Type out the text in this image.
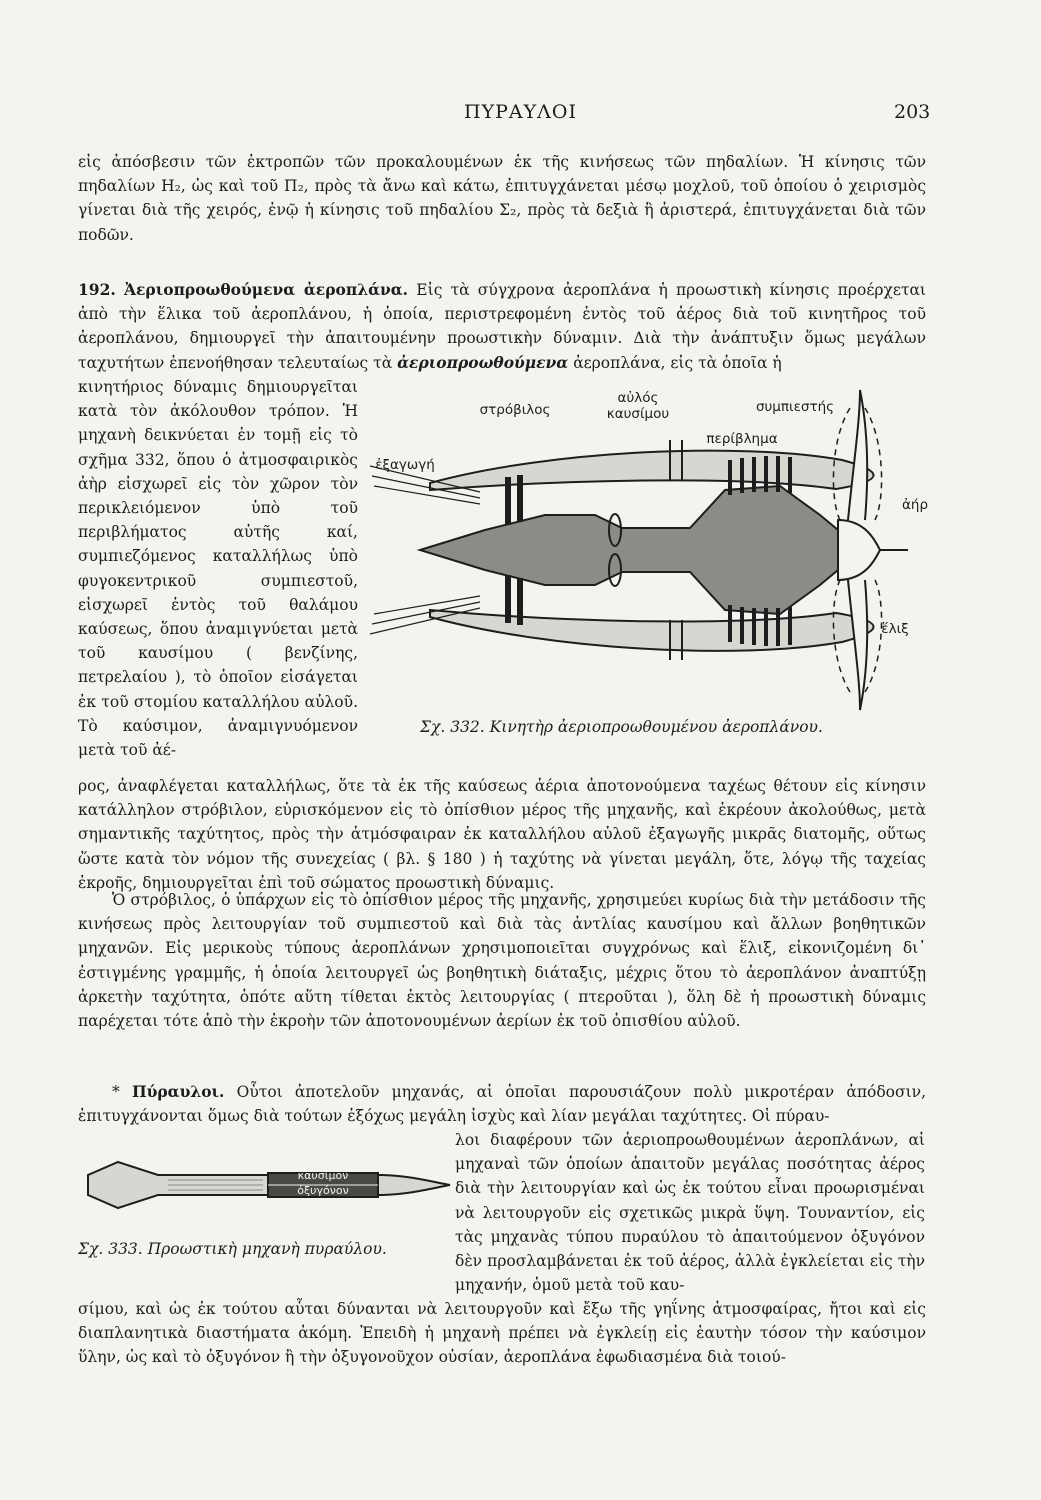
ΠΥΡΑΥΛΟΙ	203

εἰς ἀπόσβεσιν τῶν ἐκτροπῶν τῶν προκαλουμένων ἐκ τῆς κινήσεως τῶν πηδαλίων. Ἡ κίνησις τῶν πηδαλίων Η₂, ὡς καὶ τοῦ Π₂, πρὸς τὰ ἄνω καὶ κάτω, ἐπιτυγχάνεται μέσῳ μοχλοῦ, τοῦ ὁποίου ὁ χειρισμὸς γίνεται διὰ τῆς χειρός, ἐνῷ ἡ κίνησις τοῦ πηδαλίου Σ₂, πρὸς τὰ δεξιὰ ἢ ἀριστερά, ἐπιτυγχάνεται διὰ τῶν ποδῶν.

192. Ἀεριοπροωθούμενα ἀεροπλάνα. Εἰς τὰ σύγχρονα ἀεροπλάνα ἡ προωστικὴ κίνησις προέρχεται ἀπὸ τὴν ἕλικα τοῦ ἀεροπλάνου, ἡ ὁποία, περιστρεφομένη ἐντὸς τοῦ ἀέρος διὰ τοῦ κινητῆρος τοῦ ἀεροπλάνου, δημιουργεῖ τὴν ἀπαιτουμένην προωστικὴν δύναμιν. Διὰ τὴν ἀνάπτυξιν ὅμως μεγάλων ταχυτήτων ἐπενοήθησαν τελευταίως τὰ ἀεριοπροωθούμενα ἀεροπλάνα, εἰς τὰ ὁποῖα ἡ

κινητήριος δύναμις δημιουργεῖται κατὰ τὸν ἀκόλουθον τρόπον. Ἡ μηχανὴ δεικνύεται ἐν τομῇ εἰς τὸ σχῆμα 332, ὅπου ὁ ἀτμοσφαιρικὸς ἀὴρ εἰσχωρεῖ εἰς τὸν χῶρον τὸν περικλειόμενον ὑπὸ τοῦ περιβλήματος αὐτῆς καί, συμπιεζόμενος καταλλήλως ὑπὸ φυγοκεντρικοῦ συμπιεστοῦ, εἰσχωρεῖ ἐντὸς τοῦ θαλάμου καύσεως, ὅπου ἀναμιγνύεται μετὰ τοῦ καυσίμου ( βενζίνης, πετρελαίου ), τὸ ὁποῖον εἰσάγεται ἐκ τοῦ στομίου καταλλήλου αὐλοῦ. Τὸ καύσιμον, ἀναμιγνυόμενον μετὰ τοῦ ἀέ-

ἐξαγωγή
στρόβιλος
αὐλός
καυσίμου	συμπιεστής
περίβλημα
ἀήρ
ἕλιξ
Σχ. 332. Κινητὴρ ἀεριοπροωθουμένου ἀεροπλάνου.

ρος, ἀναφλέγεται καταλλήλως, ὅτε τὰ ἐκ τῆς καύσεως ἀέρια ἀποτονούμενα ταχέως θέτουν εἰς κίνησιν κατάλληλον στρόβιλον, εὑρισκόμενον εἰς τὸ ὀπίσθιον μέρος τῆς μηχανῆς, καὶ ἐκρέουν ἀκολούθως, μετὰ σημαντικῆς ταχύτητος, πρὸς τὴν ἀτμόσφαιραν ἐκ καταλλήλου αὐλοῦ ἐξαγωγῆς μικρᾶς διατομῆς, οὕτως ὥστε κατὰ τὸν νόμον τῆς συνεχείας ( βλ. § 180 ) ἡ ταχύτης νὰ γίνεται μεγάλη, ὅτε, λόγῳ τῆς ταχείας ἐκροῆς, δημιουργεῖται ἐπὶ τοῦ σώματος προωστικὴ δύναμις.

Ὁ στρόβιλος, ὁ ὑπάρχων εἰς τὸ ὀπίσθιον μέρος τῆς μηχανῆς, χρησιμεύει κυρίως διὰ τὴν μετάδοσιν τῆς κινήσεως πρὸς λειτουργίαν τοῦ συμπιεστοῦ καὶ διὰ τὰς ἀντλίας καυσίμου καὶ ἄλλων βοηθητικῶν μηχανῶν. Εἰς μερικοὺς τύπους ἀεροπλάνων χρησιμοποιεῖται συγχρόνως καὶ ἕλιξ, εἰκονιζομένη δι᾽ ἐστιγμένης γραμμῆς, ἡ ὁποία λειτουργεῖ ὡς βοηθητικὴ διάταξις, μέχρις ὅτου τὸ ἀεροπλάνον ἀναπτύξῃ ἀρκετὴν ταχύτητα, ὁπότε αὕτη τίθεται ἐκτὸς λειτουργίας ( πτεροῦται ), ὅλη δὲ ἡ προωστικὴ δύναμις παρέχεται τότε ἀπὸ τὴν ἐκροὴν τῶν ἀποτονουμένων ἀερίων ἐκ τοῦ ὀπισθίου αὐλοῦ.

* Πύραυλοι. Οὗτοι ἀποτελοῦν μηχανάς, αἱ ὁποῖαι παρουσιάζουν πολὺ μικροτέραν ἀπόδοσιν, ἐπιτυγχάνονται ὅμως διὰ τούτων ἐξόχως μεγάλη ἰσχὺς καὶ λίαν μεγάλαι ταχύτητες. Οἱ πύραυ-

καυσίμον
ὀξυγόνον
Σχ. 333. Προωστικὴ μηχανὴ πυραύλου.

λοι διαφέρουν τῶν ἀεριοπροωθουμένων ἀεροπλάνων, αἱ μηχαναὶ τῶν ὁποίων ἀπαιτοῦν μεγάλας ποσότητας ἀέρος διὰ τὴν λειτουργίαν καὶ ὡς ἐκ τούτου εἶναι προωρισμέναι νὰ λειτουργοῦν εἰς σχετικῶς μικρὰ ὕψη. Τουναντίον, εἰς τὰς μηχανὰς τύπου πυραύλου τὸ ἀπαιτούμενον ὀξυγόνον δὲν προσλαμβάνεται ἐκ τοῦ ἀέρος, ἀλλὰ ἐγκλείεται εἰς τὴν μηχανήν, ὁμοῦ μετὰ τοῦ καυ-

σίμου, καὶ ὡς ἐκ τούτου αὗται δύνανται νὰ λειτουργοῦν καὶ ἔξω τῆς γηΐνης ἀτμοσφαίρας, ἤτοι καὶ εἰς διαπλανητικὰ διαστήματα ἀκόμη. Ἐπειδὴ ἡ μηχανὴ πρέπει νὰ ἐγκλείῃ εἰς ἑαυτὴν τόσον τὴν καύσιμον ὕλην, ὡς καὶ τὸ ὀξυγόνον ἢ τὴν ὀξυγονοῦχον οὐσίαν, ἀεροπλάνα ἐφωδιασμένα διὰ τοιού-
